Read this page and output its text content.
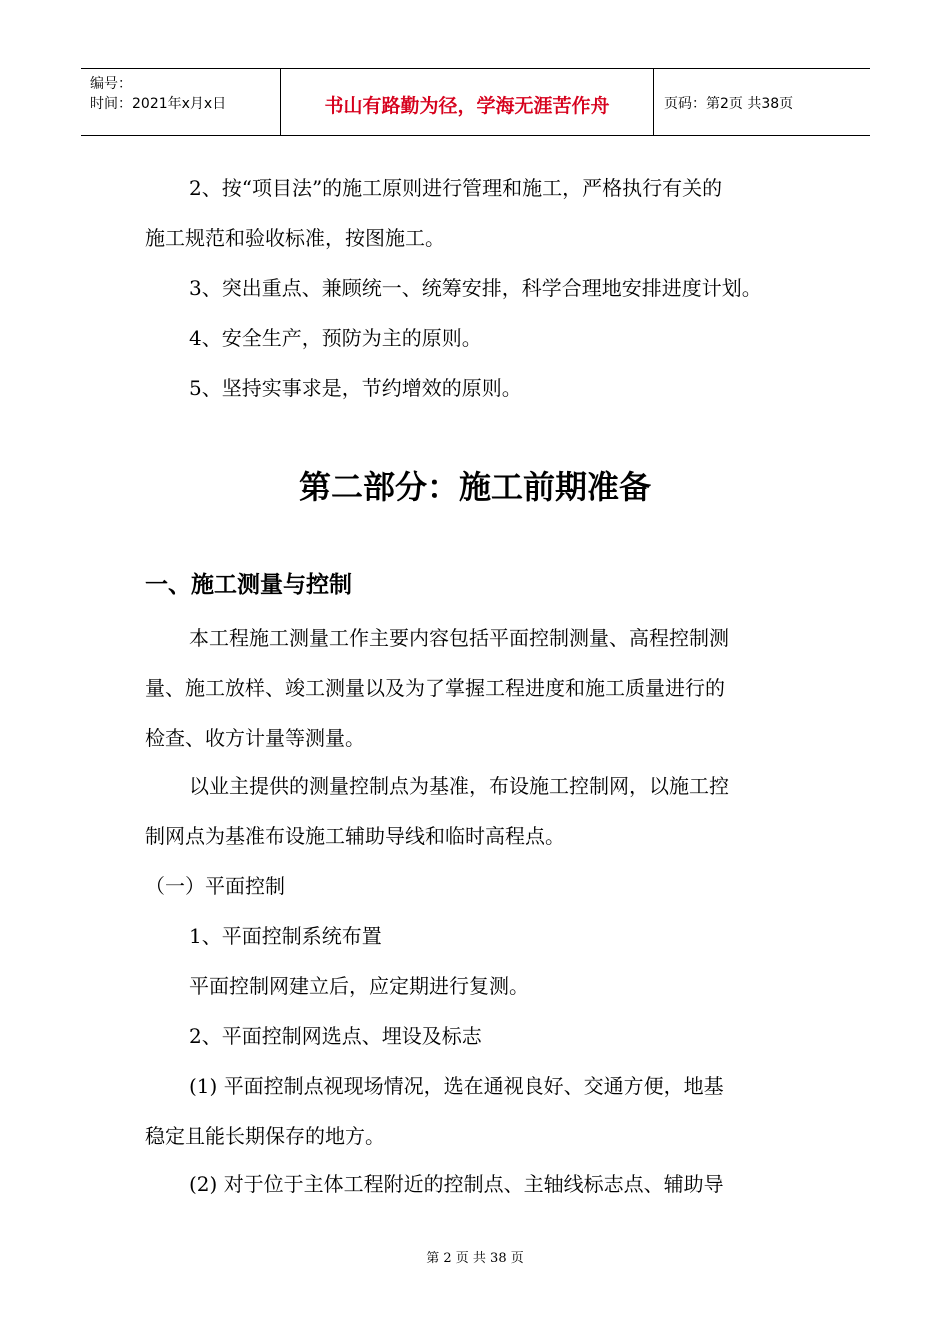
编号：
时间：2021年x月x日	书山有路勤为径，学海无涯苦作舟	页码：第2页 共38页
2、按“项目法”的施工原则进行管理和施工，严格执行有关的
施工规范和验收标准，按图施工。
3、突出重点、兼顾统一、统筹安排，科学合理地安排进度计划。
4、安全生产，预防为主的原则。
5、坚持实事求是，节约增效的原则。
第二部分：施工前期准备
一、施工测量与控制
本工程施工测量工作主要内容包括平面控制测量、高程控制测
量、施工放样、竣工测量以及为了掌握工程进度和施工质量进行的
检查、收方计量等测量。
以业主提供的测量控制点为基准，布设施工控制网，以施工控
制网点为基准布设施工辅助导线和临时高程点。
（一）平面控制
1、平面控制系统布置
平面控制网建立后，应定期进行复测。
2、平面控制网选点、埋设及标志
(1) 平面控制点视现场情况，选在通视良好、交通方便，地基
稳定且能长期保存的地方。
(2) 对于位于主体工程附近的控制点、主轴线标志点、辅助导
第 2 页 共 38 页
